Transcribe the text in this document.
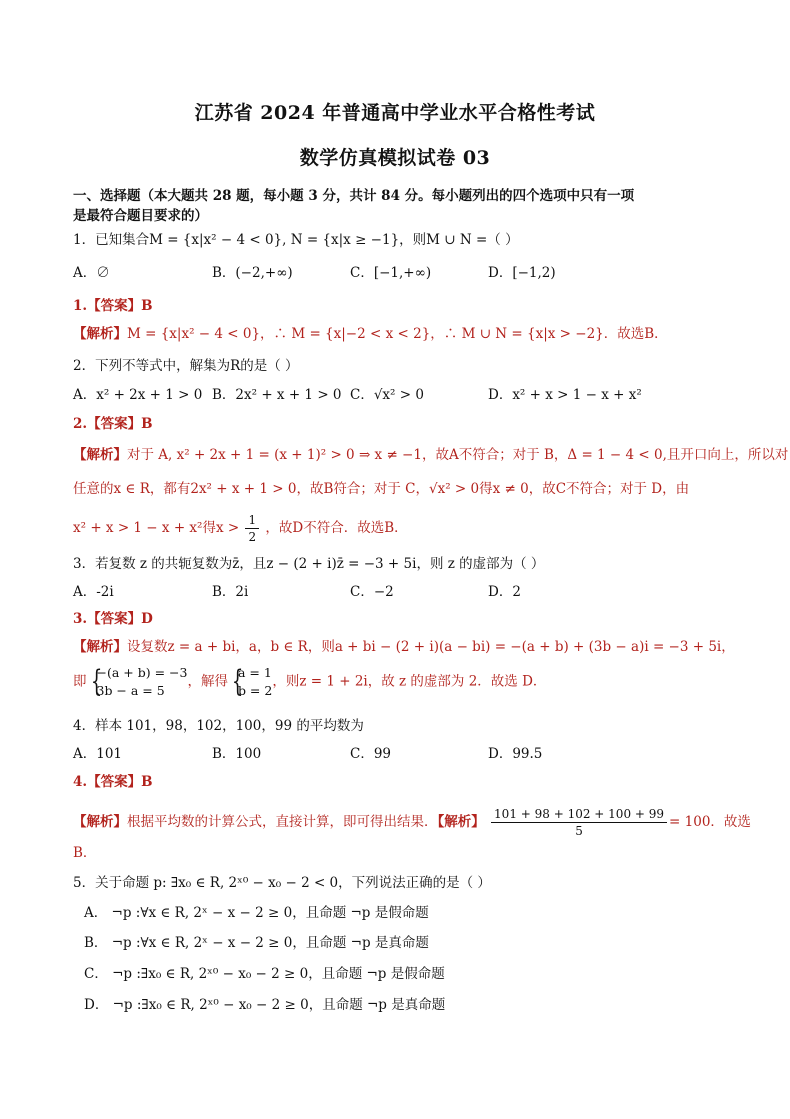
江苏省 2024 年普通高中学业水平合格性考试
数学仿真模拟试卷 03
一、选择题（本大题共 28 题，每小题 3 分，共计 84 分。每小题列出的四个选项中只有一项
是最符合题目要求的）
1．已知集合M = {x|x² − 4 < 0}, N = {x|x ≥ −1}，则M ∪ N =（ ）
A．∅	B．(−2,+∞)	C．[−1,+∞)	D．[−1,2)
1.【答案】B
【解析】M = {x|x² − 4 < 0}，∴ M = {x|−2 < x < 2}，∴ M ∪ N = {x|x > −2}．故选B．
2．下列不等式中，解集为R的是（ ）
A．x² + 2x + 1 > 0 B．2x² + x + 1 > 0 C．√x² > 0	D．x² + x > 1 − x + x²
2.【答案】B
【解析】对于 A, x² + 2x + 1 = (x + 1)² > 0 ⇒ x ≠ −1，故A不符合；对于 B，Δ = 1 − 4 < 0,且开口向上，所以对
任意的x ∈ R，都有2x² + x + 1 > 0，故B符合；对于 C，√x² > 0得x ≠ 0，故C不符合；对于 D，由
x² + x > 1 − x + x²得$x > \frac{1}{2}$ ，故D不符合．故选B．
3．若复数 z 的共轭复数为z̄，且z − (2 + i)z̄ = −3 + 5i，则 z 的虚部为（ ）
A．-2i	B．2i	C．−2	D．2
3.【答案】D
【解析】设复数z = a + bi，a，b ∈ R，则a + bi − (2 + i)(a − bi) = −(a + b) + (3b − a)i = −3 + 5i，
即 {
−(a + b) = −3
3b − a = 5
，解得 {
a = 1
b = 2
，则z = 1 + 2i，故 z 的虚部为 2．故选 D．
4．样本 101，98，102，100，99 的平均数为
A．101	B．100	C．99	D．99.5
4.【答案】B
【解析】根据平均数的计算公式，直接计算，即可得出结果．【解析】 $\frac{101 + 98 + 102 + 100 + 99}{5} = 100$．故选
B．
5．关于命题 p: ∃x₀ ∈ R, 2ˣ⁰ − x₀ − 2 < 0，下列说法正确的是（ ）
A． ¬p :∀x ∈ R, 2ˣ − x − 2 ≥ 0，且命题 ¬p 是假命题
B． ¬p :∀x ∈ R, 2ˣ − x − 2 ≥ 0，且命题 ¬p 是真命题
C． ¬p :∃x₀ ∈ R, 2ˣ⁰ − x₀ − 2 ≥ 0，且命题 ¬p 是假命题
D． ¬p :∃x₀ ∈ R, 2ˣ⁰ − x₀ − 2 ≥ 0，且命题 ¬p 是真命题
